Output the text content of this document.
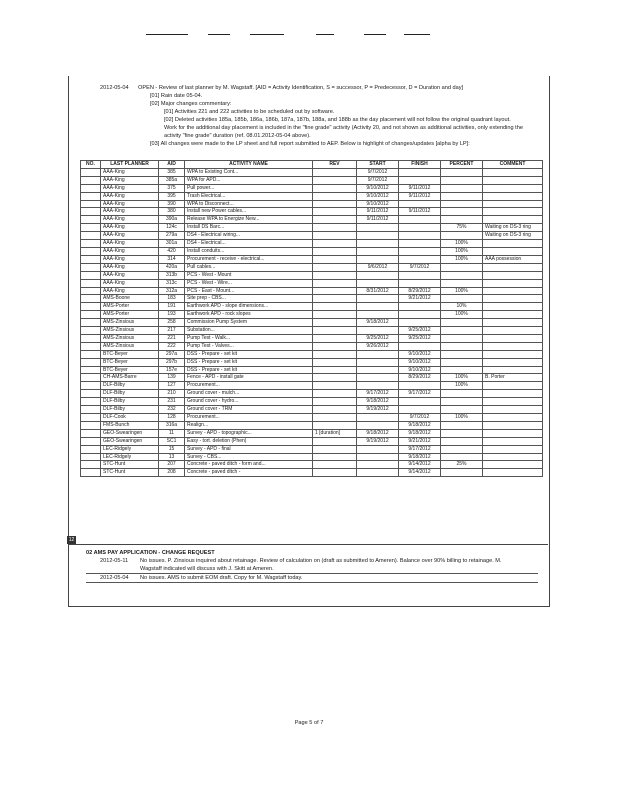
2012-05-04 OPEN - Review of last planner by M. Wagstaff. [AID = Activity Identification, S = successor, P = Predecessor, D = Duration and day]
[01] Rain date 05-04.
[02] Major changes commentary:
[01] Activities 221 and 222 activities to be scheduled out by software.
[02] Deleted activities 185a, 185b, 186a, 186b, 187a, 187b, 188a, and 188b as the day placement will not follow the original quadrant layout.
Work for the additional day placement is included in the "fine grade" activity (Activity 20, and not shown as additional activities, only extending the
activity "fine grade" duration (ref. 08.01.2012-05-04 above).
[03] All changes were made to the LP sheet and full report submitted to AEP. Below is highlight of changes/updates [alpha by LP]:
NO.	LAST PLANNER	AID	ACTIVITY NAME	REV	START	FINISH	PERCENT	COMMENT
	AAA-King	385	WPA to Existing Cont...		9/7/2012			
	AAA-King	385a	WPA for APD...		9/7/2012			
	AAA-King	375	Pull power...		9/10/2012	9/11/2012		
	AAA-King	395	Trash Electrical...		9/10/2012	9/11/2012		
	AAA-King	390	WPA to Disconnect...		9/10/2012			
	AAA-King	380	Install new Power cables...		9/11/2012	9/11/2012		
	AAA-King	390a	Release WPA to Energize New...		9/11/2012			
	AAA-King	124c	Install DS Barc...				75%	Waiting on DS-3 ring
	AAA-King	279a	DS4 - Electrical wiring...					Waiting on DS-3 ring
	AAA-King	301a	DS4 - Electrical...				100%	
	AAA-King	420	Install conduits...				100%	
	AAA-King	314	Procurement - receive - electrical...				100%	AAA possession
	AAA-King	420a	Pull cables...		9/6/2012	9/7/2012		
	AAA-King	313b	PCS - West - Mount					
	AAA-King	313c	PCS - West - Wire...					
	AAA-King	312a	PCS - East - Mount...		8/31/2012	8/29/2012	100%	
	AMS-Boone	183	Site prep - CBS...			9/21/2012		
	AMS-Porter	191	Earthwork APD - slope dimensions...				10%	
	AMS-Porter	193	Earthwork APD - rock slopes				100%	
	AMS-Zinsious	258	Commission Pump System		9/18/2012			
	AMS-Zinsious	217	Substation...			9/25/2012		
	AMS-Zinsious	221	Pump Test - Walk...		9/25/2012	9/25/2012		
	AMS-Zinsious	222	Pump Test - Valves...		9/26/2012			
	BTC-Beyer	297a	DSS - Prepare - set kit			9/10/2012		
	BTC-Beyer	297b	DSS - Prepare - set kit			9/10/2012		
	BTC-Beyer	157e	DSS - Prepare - set kit			9/10/2012		
	CH-AMS-Barre	139	Fence - APD - install gate			8/29/2012	100%	B. Porter
	DLF-Bilby	127	Procurement...				100%	
	DLF-Bilby	210	Ground cover - mulch...		9/17/2012	9/17/2012		
	DLF-Bilby	231	Ground cover - hydro...		9/18/2012			
	DLF-Bilby	232	Ground cover - TRM		9/19/2012			
	DLF-Cook	128	Procurement...			9/7/2012	100%	
	FMS-Bunch	316a	Realign...			9/18/2012		
	GEO-Swearingen	11	Survey - APD - topographic...	1 [duration]	9/18/2012	9/18/2012		
	GEO-Swearingen	SC1	Easy - tort. deletion (Phen)		9/19/2012	9/21/2012		
	LEC-Ridgely	15	Survey - APD - final			9/17/2012		
	LEC-Ridgely	13	Survey - CBS...			9/18/2012		
	STC-Hunt	207	Concrete - paved ditch - form and...			9/14/2012	25%	
	STC-Hunt	208	Concrete - paved ditch -			9/14/2012		
12
02 AMS PAY APPLICATION - CHANGE REQUEST
2012-05-11	No issues. P. Zinsious inquired about retainage. Review of calculation on (draft as submitted to Ameren). Balance over 90% billing to retainage. M.
Wagstaff indicated will discuss with J. Skitt at Ameren.
2012-05-04	No issues. AMS to submit EOM draft. Copy for M. Wagstaff today.
Page 5 of 7
